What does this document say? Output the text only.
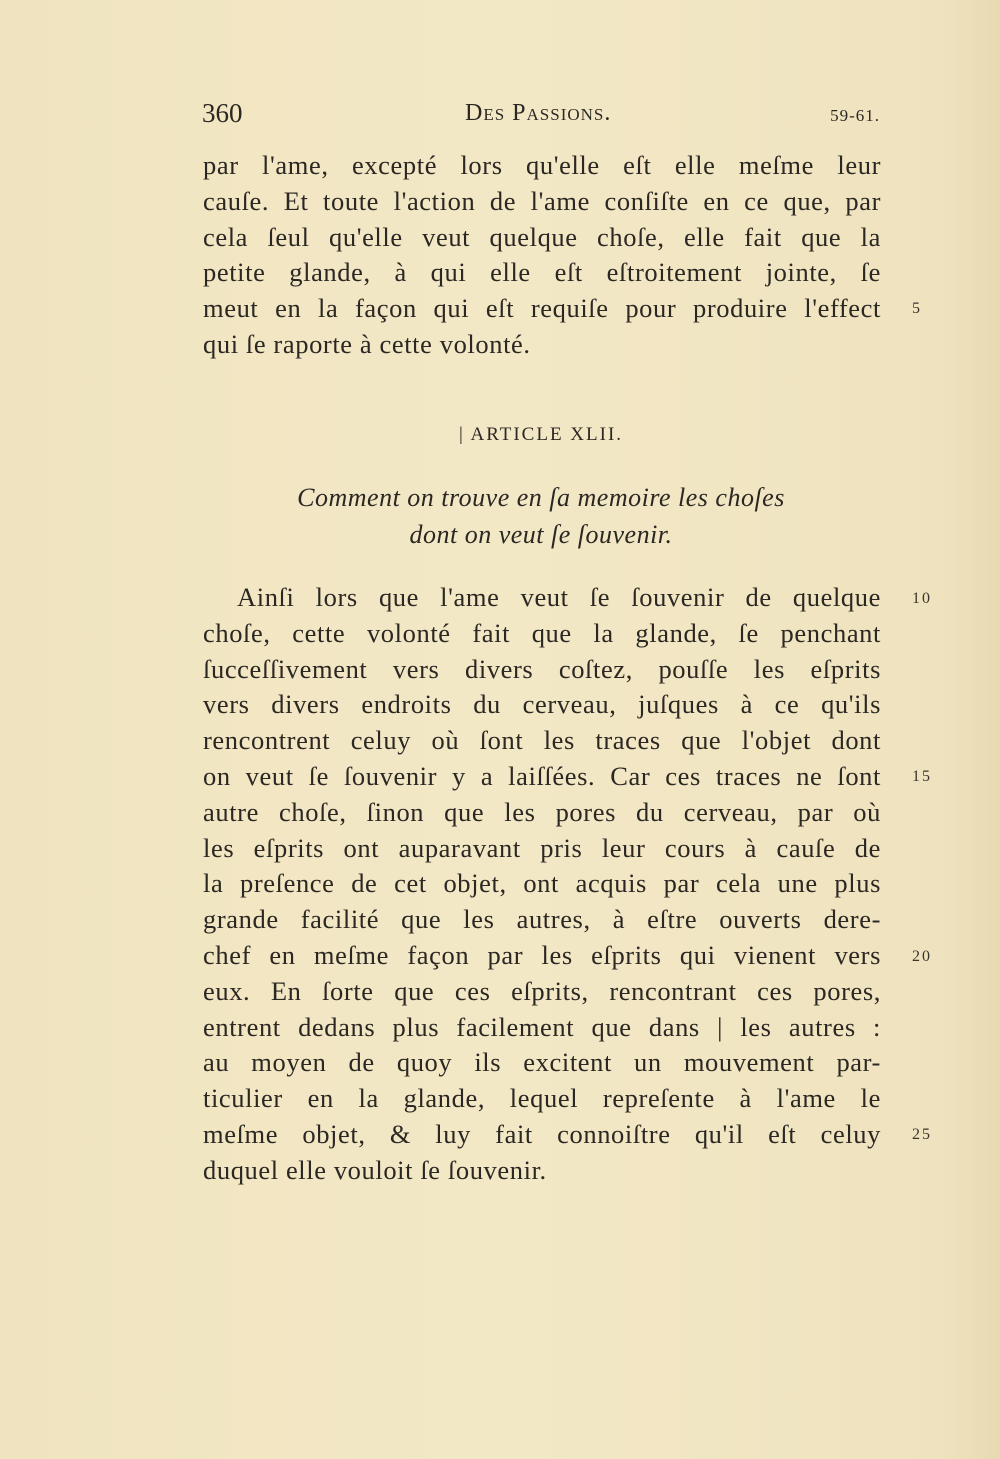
360	Des Passions.	59-61.
par l'ame, excepté lors qu'elle eſt elle meſme leur
cauſe. Et toute l'action de l'ame conſiſte en ce que, par
cela ſeul qu'elle veut quelque choſe, elle fait que la
petite glande, à qui elle eſt eſtroitement jointe, ſe
meut en la façon qui eſt requiſe pour produire l'effect
qui ſe raporte à cette volonté.
5
| ARTICLE XLII.
Comment on trouve en ſa memoire les choſes
dont on veut ſe ſouvenir.
Ainſi lors que l'ame veut ſe ſouvenir de quelque
choſe, cette volonté fait que la glande, ſe penchant
ſucceſſivement vers divers coſtez, pouſſe les eſprits
vers divers endroits du cerveau, juſques à ce qu'ils
rencontrent celuy où ſont les traces que l'objet dont
on veut ſe ſouvenir y a laiſſées. Car ces traces ne ſont
autre choſe, ſinon que les pores du cerveau, par où
les eſprits ont auparavant pris leur cours à cauſe de
la preſence de cet objet, ont acquis par cela une plus
grande facilité que les autres, à eſtre ouverts dere-
chef en meſme façon par les eſprits qui vienent vers
eux. En ſorte que ces eſprits, rencontrant ces pores,
entrent dedans plus facilement que dans | les autres :
au moyen de quoy ils excitent un mouvement par-
ticulier en la glande, lequel repreſente à l'ame le
meſme objet, & luy fait connoiſtre qu'il eſt celuy
duquel elle vouloit ſe ſouvenir.
10
15
20
25
